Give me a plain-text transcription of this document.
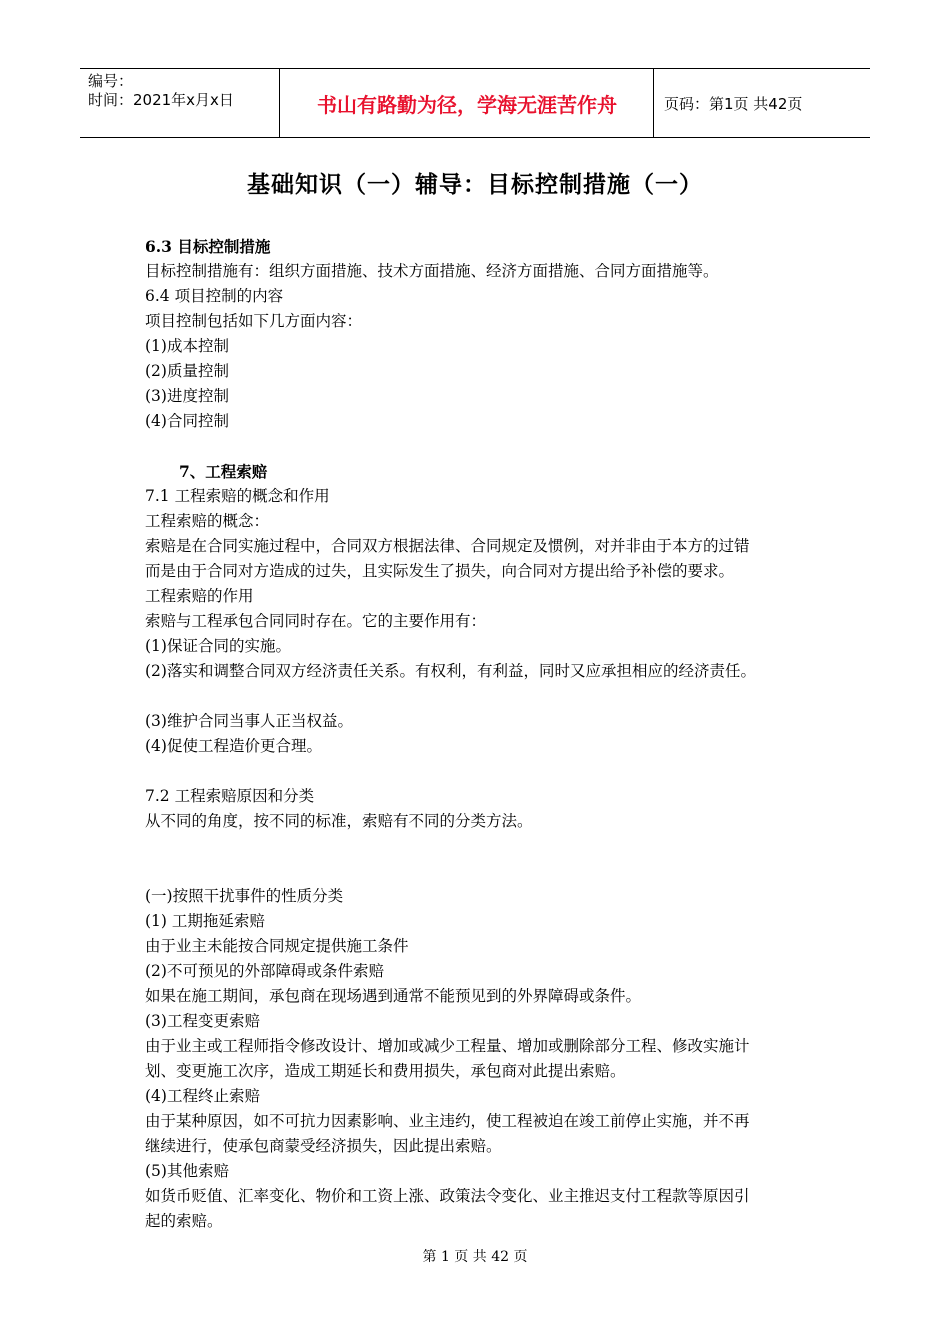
编号：
时间：2021年x月x日	书山有路勤为径，学海无涯苦作舟	页码：第1页 共42页
基础知识（一）辅导：目标控制措施（一）
6.3 目标控制措施
目标控制措施有：组织方面措施、技术方面措施、经济方面措施、合同方面措施等。
6.4 项目控制的内容
项目控制包括如下几方面内容：
(1)成本控制
(2)质量控制
(3)进度控制
(4)合同控制
7、工程索赔
7.1 工程索赔的概念和作用
工程索赔的概念：
索赔是在合同实施过程中，合同双方根据法律、合同规定及惯例，对并非由于本方的过错
而是由于合同对方造成的过失，且实际发生了损失，向合同对方提出给予补偿的要求。
工程索赔的作用
索赔与工程承包合同同时存在。它的主要作用有：
(1)保证合同的实施。
(2)落实和调整合同双方经济责任关系。有权利，有利益，同时又应承担相应的经济责任。
(3)维护合同当事人正当权益。
(4)促使工程造价更合理。
7.2 工程索赔原因和分类
从不同的角度，按不同的标准，索赔有不同的分类方法。
(一)按照干扰事件的性质分类
(1) 工期拖延索赔
由于业主未能按合同规定提供施工条件
(2)不可预见的外部障碍或条件索赔
如果在施工期间，承包商在现场遇到通常不能预见到的外界障碍或条件。
(3)工程变更索赔
由于业主或工程师指令修改设计、增加或减少工程量、增加或删除部分工程、修改实施计
划、变更施工次序，造成工期延长和费用损失，承包商对此提出索赔。
(4)工程终止索赔
由于某种原因，如不可抗力因素影响、业主违约，使工程被迫在竣工前停止实施，并不再
继续进行，使承包商蒙受经济损失，因此提出索赔。
(5)其他索赔
如货币贬值、汇率变化、物价和工资上涨、政策法令变化、业主推迟支付工程款等原因引
起的索赔。
第 1 页 共 42 页
